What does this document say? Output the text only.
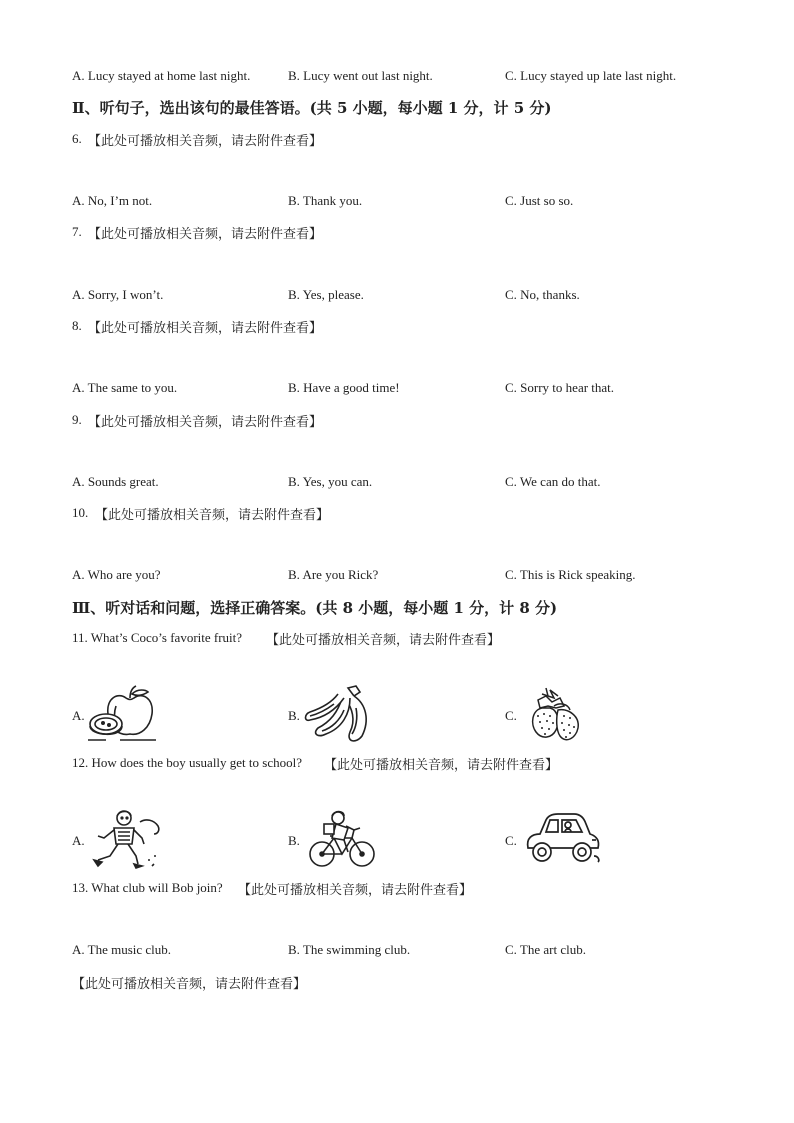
A. Lucy stayed at home last night.	B. Lucy went out last night.	C. Lucy stayed up late last night.
Ⅱ、听句子，选出该句的最佳答语。(共 5 小题，每小题 1 分，计 5 分)
6. 【此处可播放相关音频，请去附件查看】
A. No, I’m not.	B. Thank you.	C. Just so so.
7. 【此处可播放相关音频，请去附件查看】
A. Sorry, I won’t.	B. Yes, please.	C. No, thanks.
8. 【此处可播放相关音频，请去附件查看】
A. The same to you.	B. Have a good time!	C. Sorry to hear that.
9. 【此处可播放相关音频，请去附件查看】
A. Sounds great.	B. Yes, you can.	C. We can do that.
10. 【此处可播放相关音频，请去附件查看】
A. Who are you?	B. Are you Rick?	C. This is Rick speaking.
Ⅲ、听对话和问题，选择正确答案。(共 8 小题，每小题 1 分，计 8 分)
11. What’s Coco’s favorite fruit? 【此处可播放相关音频，请去附件查看】
A.	B.	C.
12. How does the boy usually get to school? 【此处可播放相关音频，请去附件查看】
A.	B.	C.
13. What club will Bob join? 【此处可播放相关音频，请去附件查看】
A. The music club.	B. The swimming club.	C. The art club.
【此处可播放相关音频，请去附件查看】
